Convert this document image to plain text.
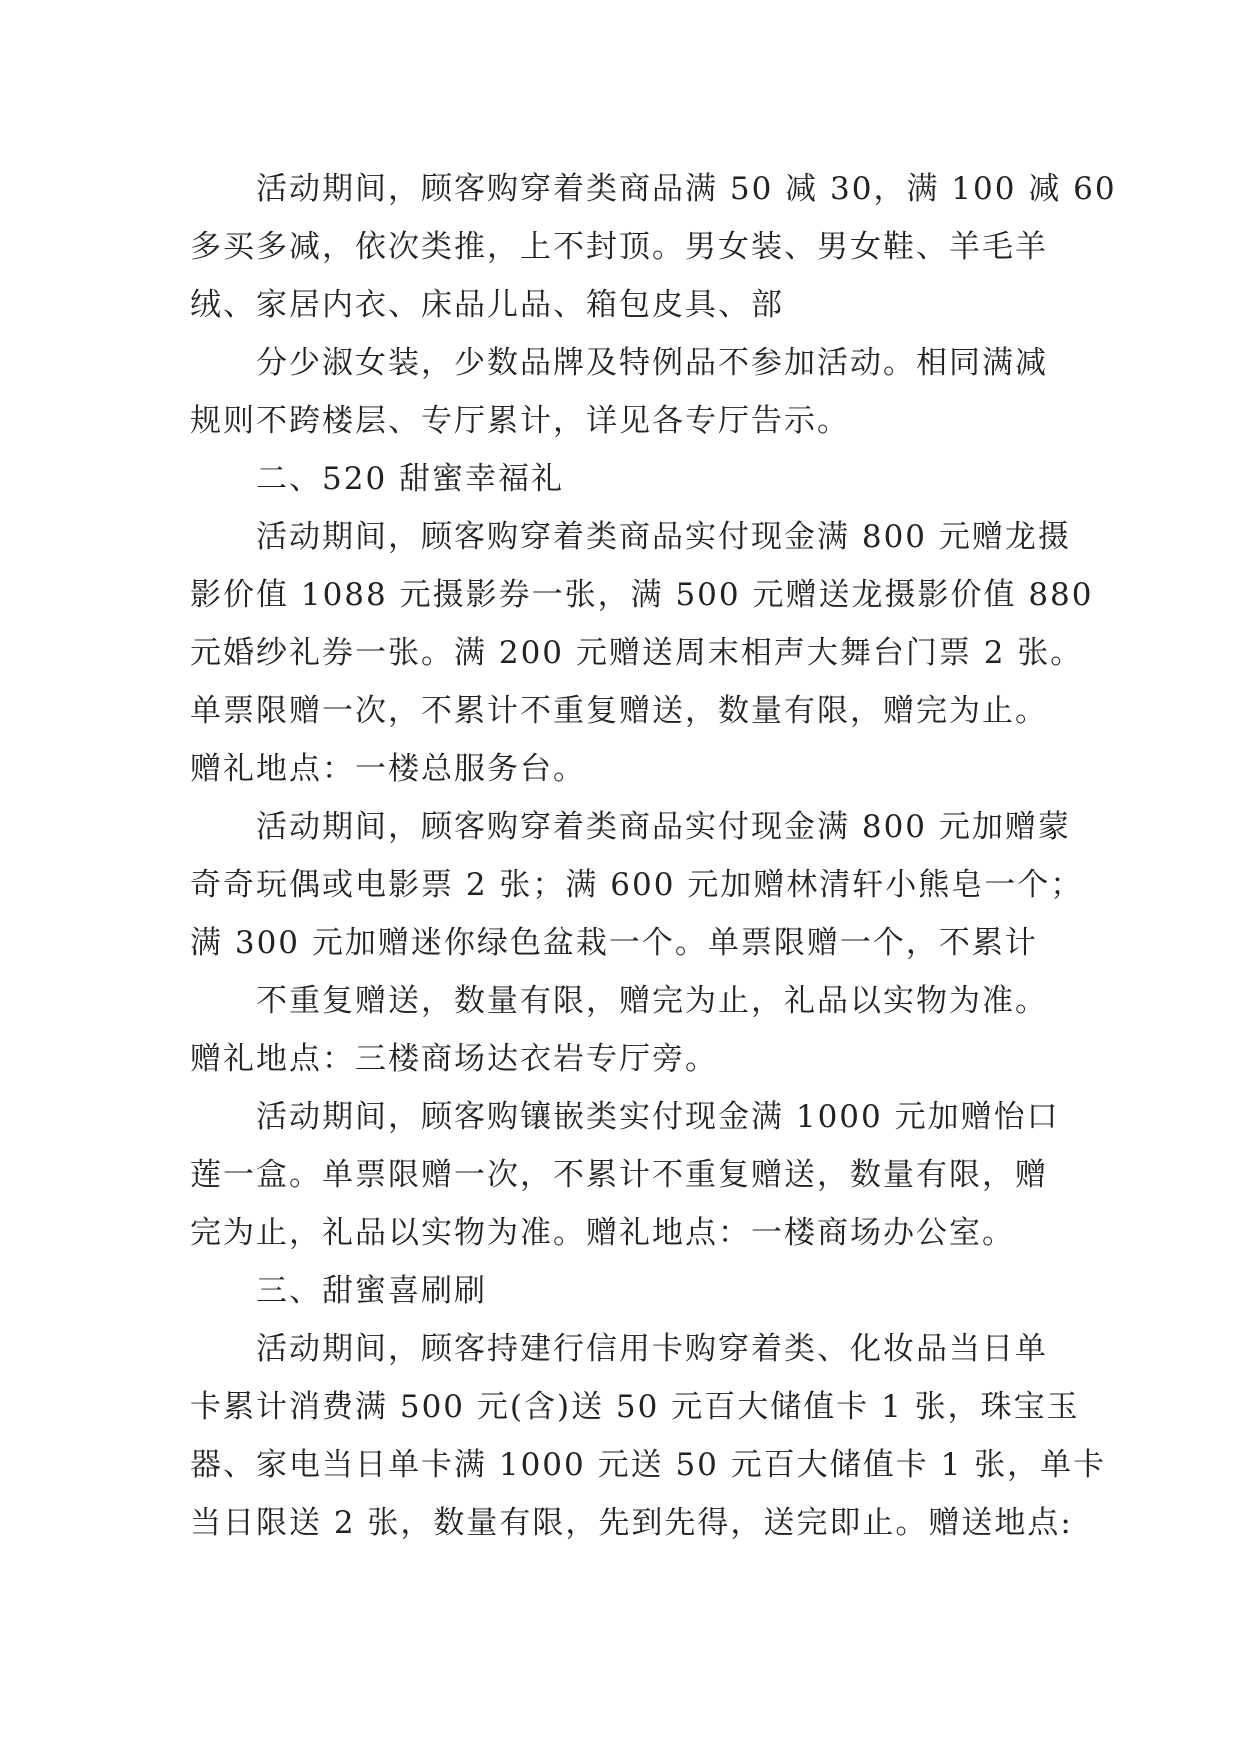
活动期间，顾客购穿着类商品满 50 减 30，满 100 减 60
多买多减，依次类推，上不封顶。男女装、男女鞋、羊毛羊
绒、家居内衣、床品儿品、箱包皮具、部
分少淑女装，少数品牌及特例品不参加活动。相同满减
规则不跨楼层、专厅累计，详见各专厅告示。
二、520 甜蜜幸福礼
活动期间，顾客购穿着类商品实付现金满 800 元赠龙摄
影价值 1088 元摄影券一张，满 500 元赠送龙摄影价值 880
元婚纱礼券一张。满 200 元赠送周末相声大舞台门票 2 张。
单票限赠一次，不累计不重复赠送，数量有限，赠完为止。
赠礼地点：一楼总服务台。
活动期间，顾客购穿着类商品实付现金满 800 元加赠蒙
奇奇玩偶或电影票 2 张；满 600 元加赠林清轩小熊皂一个；
满 300 元加赠迷你绿色盆栽一个。单票限赠一个，不累计
不重复赠送，数量有限，赠完为止，礼品以实物为准。
赠礼地点：三楼商场达衣岩专厅旁。
活动期间，顾客购镶嵌类实付现金满 1000 元加赠怡口
莲一盒。单票限赠一次，不累计不重复赠送，数量有限，赠
完为止，礼品以实物为准。赠礼地点：一楼商场办公室。
三、甜蜜喜刷刷
活动期间，顾客持建行信用卡购穿着类、化妆品当日单
卡累计消费满 500 元(含)送 50 元百大储值卡 1 张，珠宝玉
器、家电当日单卡满 1000 元送 50 元百大储值卡 1 张，单卡
当日限送 2 张，数量有限，先到先得，送完即止。赠送地点:
